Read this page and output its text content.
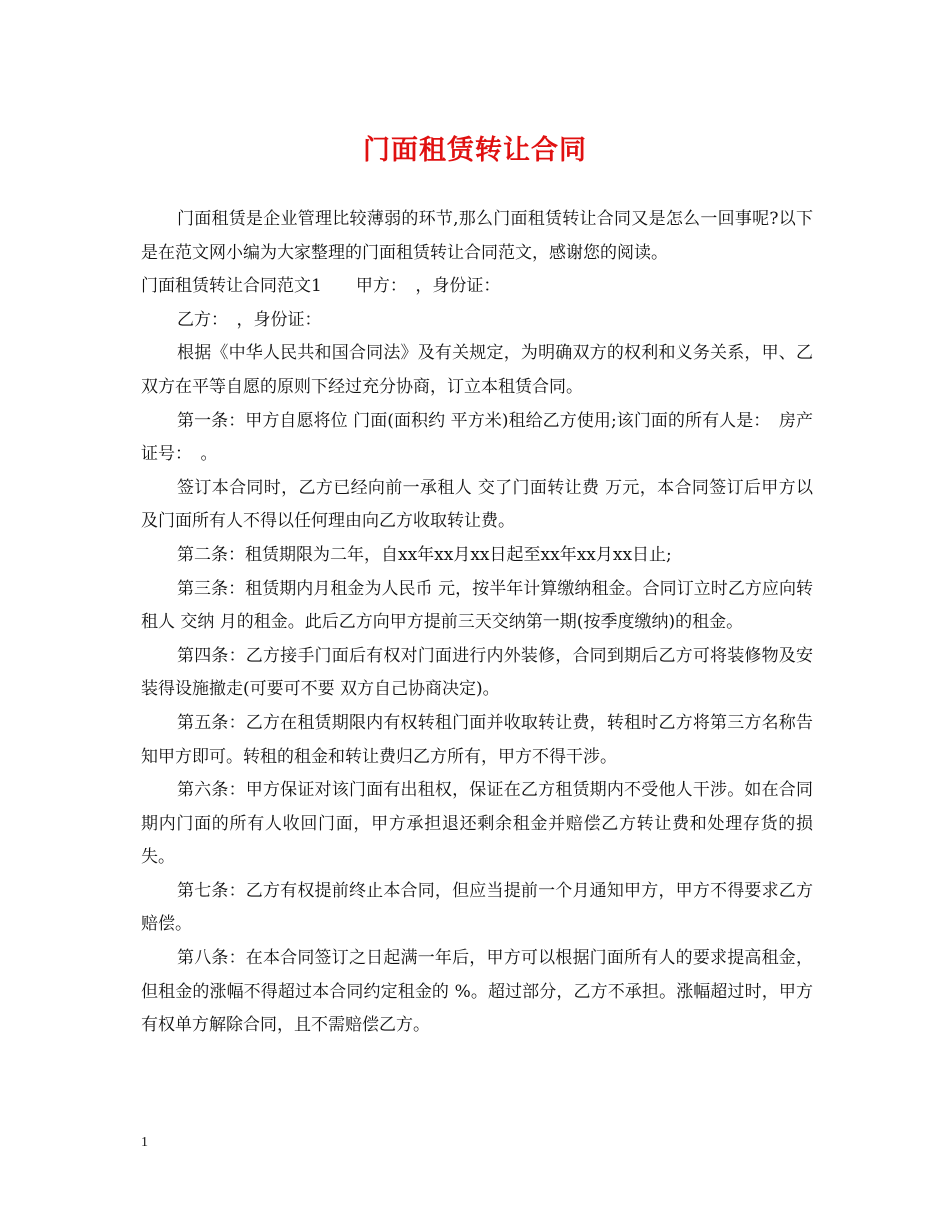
门面租赁转让合同

门面租赁是企业管理比较薄弱的环节,那么门面租赁转让合同又是怎么一回事呢?以下是在范文网小编为大家整理的门面租赁转让合同范文，感谢您的阅读。

门面租赁转让合同范文1　　甲方：　，身份证：

乙方：　，身份证：

根据《中华人民共和国合同法》及有关规定，为明确双方的权利和义务关系，甲、乙双方在平等自愿的原则下经过充分协商，订立本租赁合同。

第一条：甲方自愿将位 门面(面积约 平方米)租给乙方使用;该门面的所有人是：　房产证号：　。

签订本合同时，乙方已经向前一承租人 交了门面转让费 万元，本合同签订后甲方以及门面所有人不得以任何理由向乙方收取转让费。

第二条：租赁期限为二年，自xx年xx月xx日起至xx年xx月xx日止;

第三条：租赁期内月租金为人民币 元，按半年计算缴纳租金。合同订立时乙方应向转租人 交纳 月的租金。此后乙方向甲方提前三天交纳第一期(按季度缴纳)的租金。

第四条：乙方接手门面后有权对门面进行内外装修，合同到期后乙方可将装修物及安装得设施撤走(可要可不要 双方自己协商决定)。

第五条：乙方在租赁期限内有权转租门面并收取转让费，转租时乙方将第三方名称告知甲方即可。转租的租金和转让费归乙方所有，甲方不得干涉。

第六条：甲方保证对该门面有出租权，保证在乙方租赁期内不受他人干涉。如在合同期内门面的所有人收回门面，甲方承担退还剩余租金并赔偿乙方转让费和处理存货的损失。

第七条：乙方有权提前终止本合同，但应当提前一个月通知甲方，甲方不得要求乙方赔偿。

第八条：在本合同签订之日起满一年后，甲方可以根据门面所有人的要求提高租金，但租金的涨幅不得超过本合同约定租金的 %。超过部分，乙方不承担。涨幅超过时，甲方有权单方解除合同，且不需赔偿乙方。

1
